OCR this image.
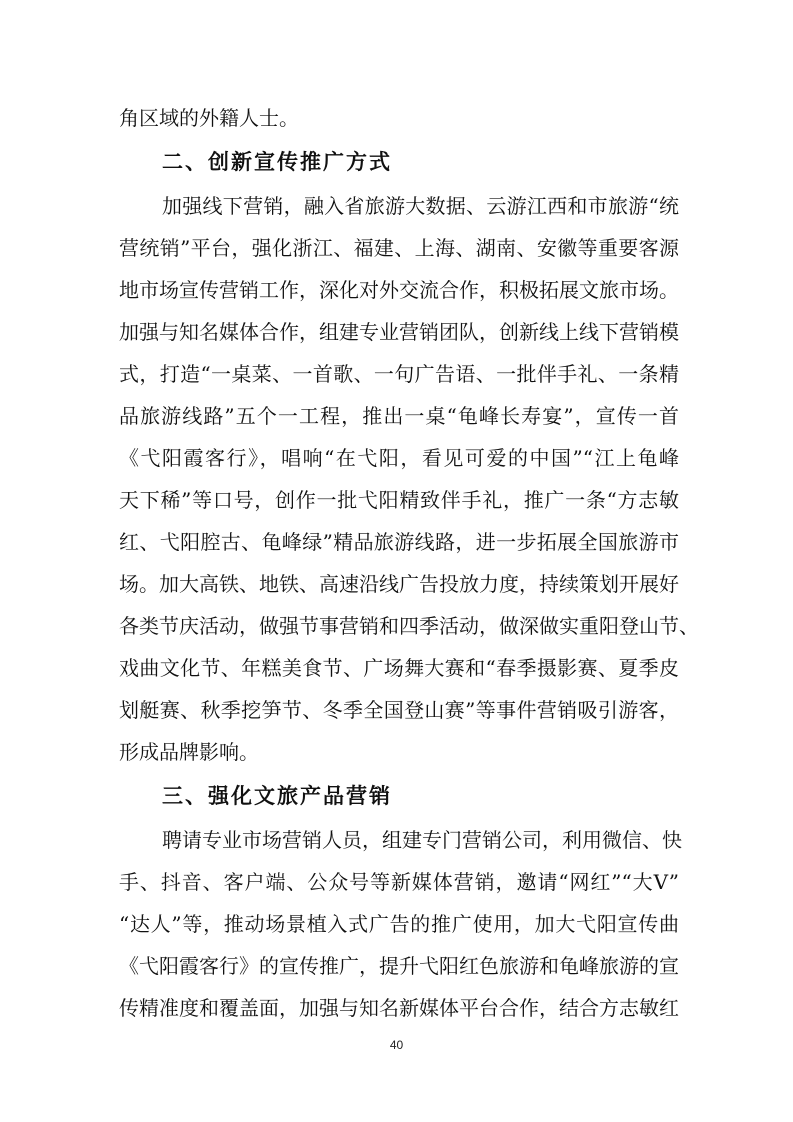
角区域的外籍人士。
二、创新宣传推广方式
加强线下营销，融入省旅游大数据、云游江西和市旅游“统
营统销”平台，强化浙江、福建、上海、湖南、安徽等重要客源
地市场宣传营销工作，深化对外交流合作，积极拓展文旅市场。
加强与知名媒体合作，组建专业营销团队，创新线上线下营销模
式，打造“一桌菜、一首歌、一句广告语、一批伴手礼、一条精
品旅游线路”五个一工程，推出一桌“龟峰长寿宴”，宣传一首
《弋阳霞客行》，唱响“在弋阳，看见可爱的中国”“江上龟峰
天下稀”等口号，创作一批弋阳精致伴手礼，推广一条“方志敏
红、弋阳腔古、龟峰绿”精品旅游线路，进一步拓展全国旅游市
场。加大高铁、地铁、高速沿线广告投放力度，持续策划开展好
各类节庆活动，做强节事营销和四季活动，做深做实重阳登山节、
戏曲文化节、年糕美食节、广场舞大赛和“春季摄影赛、夏季皮
划艇赛、秋季挖笋节、冬季全国登山赛”等事件营销吸引游客，
形成品牌影响。
三、强化文旅产品营销
聘请专业市场营销人员，组建专门营销公司，利用微信、快
手、抖音、客户端、公众号等新媒体营销，邀请“网红”“大V”
“达人”等，推动场景植入式广告的推广使用，加大弋阳宣传曲
《弋阳霞客行》的宣传推广，提升弋阳红色旅游和龟峰旅游的宣
传精准度和覆盖面，加强与知名新媒体平台合作，结合方志敏红
40
